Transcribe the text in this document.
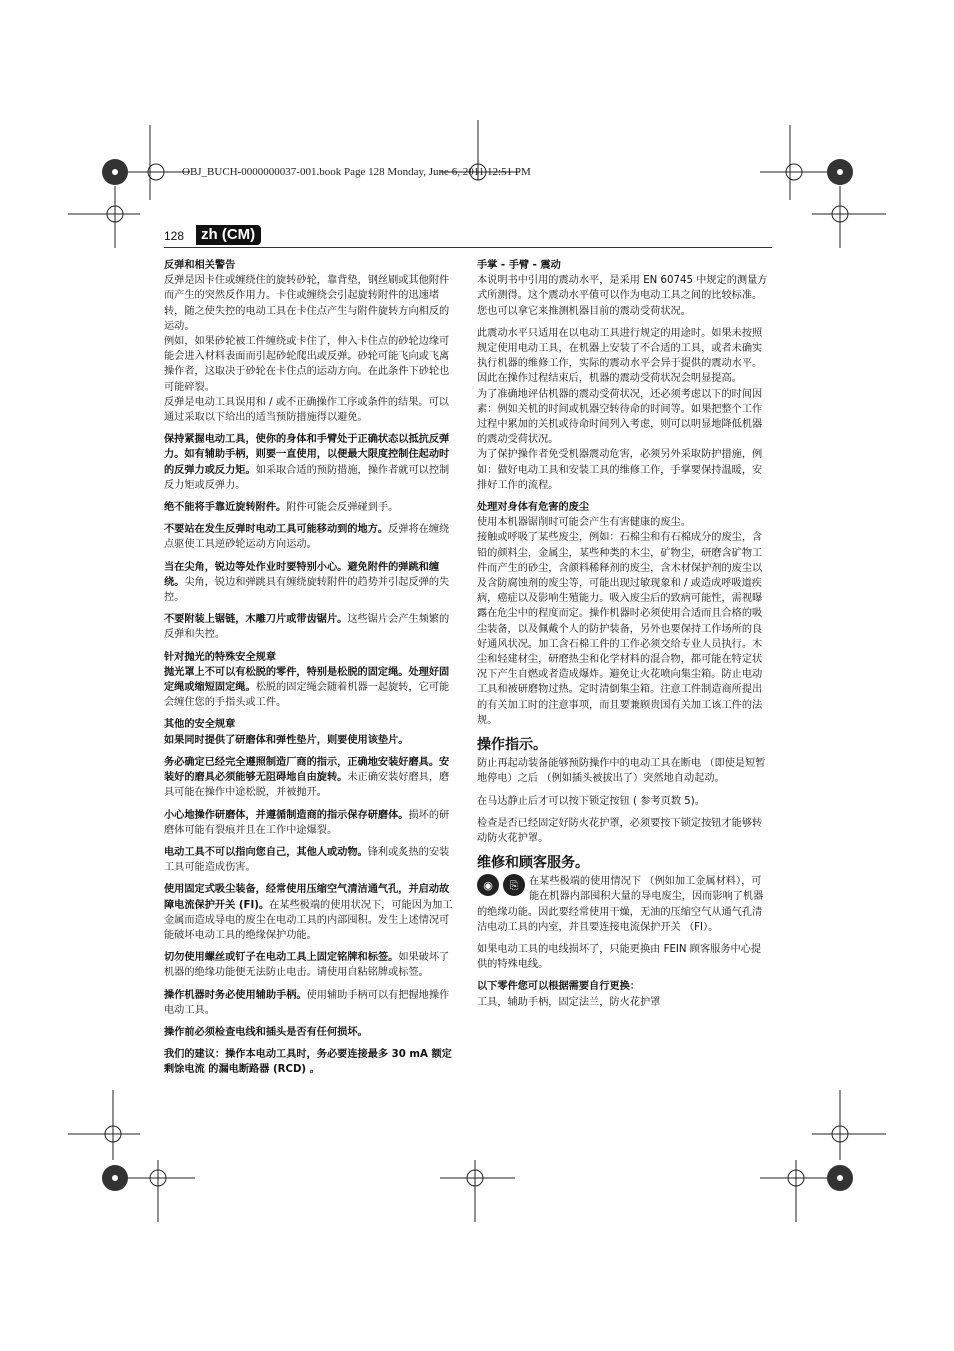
OBJ_BUCH-0000000037-001.book Page 128 Monday, June 6, 2011 12:51 PM
128	zh (CM)
反弹和相关警告

反弹是因卡住或缠绕住的旋转砂轮，靠背垫，钢丝刷或其他附件而产生的突然反作用力。卡住或缠绕会引起旋转附件的迅速堵转，随之使失控的电动工具在卡住点产生与附件旋转方向相反的运动。

例如，如果砂轮被工件缠绕或卡住了，伸入卡住点的砂轮边缘可能会进入材料表面而引起砂轮爬出或反弹。砂轮可能飞向或飞离操作者，这取决于砂轮在卡住点的运动方向。在此条件下砂轮也可能碎裂。

反弹是电动工具误用和 / 或不正确操作工序或条件的结果。可以通过采取以下给出的适当预防措施得以避免。

保持紧握电动工具，使你的身体和手臂处于正确状态以抵抗反弹力。如有辅助手柄，则要一直使用，以便最大限度控制住起动时的反弹力或反力矩。如采取合适的预防措施，操作者就可以控制反力矩或反弹力。

绝不能将手靠近旋转附件。附件可能会反弹碰到手。

不要站在发生反弹时电动工具可能移动到的地方。反弹将在缠绕点驱使工具逆砂轮运动方向运动。

当在尖角，锐边等处作业时要特别小心。避免附件的弹跳和缠绕。尖角，锐边和弹跳具有缠绕旋转附件的趋势并引起反弹的失控。

不要附装上锯链，木雕刀片或带齿锯片。这些锯片会产生频繁的反弹和失控。

针对抛光的特殊安全规章

抛光罩上不可以有松脱的零件，特别是松脱的固定绳。处理好固定绳或缩短固定绳。松脱的固定绳会随着机器一起旋转，它可能会缠住您的手指头或工件。

其他的安全规章

如果同时提供了研磨体和弹性垫片，则要使用该垫片。

务必确定已经完全遵照制造厂商的指示，正确地安装好磨具。安装好的磨具必须能够无阻碍地自由旋转。未正确安装好磨具，磨具可能在操作中途松脱，并被抛开。

小心地操作研磨体，并遵循制造商的指示保存研磨体。损坏的研磨体可能有裂痕并且在工作中途爆裂。

电动工具不可以指向您自己，其他人或动物。锋利或炙热的安装工具可能造成伤害。

使用固定式吸尘装备，经常使用压缩空气清洁通气孔，并启动故障电流保护开关 (FI)。在某些极端的使用状况下，可能因为加工金属而造成导电的废尘在电动工具的内部囤积。发生上述情况可能破坏电动工具的绝缘保护功能。

切勿使用螺丝或钉子在电动工具上固定铭牌和标签。如果破坏了机器的绝缘功能便无法防止电击。请使用自粘铭牌或标签。

操作机器时务必使用辅助手柄。使用辅助手柄可以有把握地操作电动工具。

操作前必须检查电线和插头是否有任何损坏。

我们的建议：操作本电动工具时，务必要连接最多 30 mA 额定剩馀电流 的漏电断路器 (RCD) 。

手掌 - 手臂 - 震动

本说明书中引用的震动水平，是采用 EN 60745 中规定的测量方式所测得。这个震动水平值可以作为电动工具之间的比较标准。您也可以拿它来推测机器目前的震动受荷状况。

此震动水平只适用在以电动工具进行规定的用途时。如果未按照规定使用电动工具，在机器上安装了不合适的工具，或者未确实执行机器的维修工作，实际的震动水平会异于提供的震动水平。因此在操作过程结束后，机器的震动受荷状况会明显提高。

为了准确地评估机器的震动受荷状况，还必须考虑以下的时间因素：例如关机的时间或机器空转待命的时间等。如果把整个工作过程中累加的关机或待命时间列入考虑，则可以明显地降低机器的震动受荷状况。

为了保护操作者免受机器震动危害，必须另外采取防护措施，例如：做好电动工具和安装工具的维修工作，手掌要保持温暖，安排好工作的流程。

处理对身体有危害的废尘

使用本机器锯削时可能会产生有害健康的废尘。

接触或呼吸了某些废尘，例如：石棉尘和有石棉成分的废尘，含铅的颜料尘，金属尘，某些种类的木尘，矿物尘，研磨含矿物工件而产生的砂尘，含颜料稀释剂的废尘，含木材保护剂的废尘以及含防腐蚀剂的废尘等，可能出现过敏现象和 / 或造成呼吸道疾病，癌症以及影响生殖能力。吸入废尘后的致病可能性，需视曝露在危尘中的程度而定。操作机器时必须使用合适而且合格的吸尘装备，以及佩戴个人的防护装备，另外也要保持工作场所的良好通风状况。加工含石棉工件的工作必须交给专业人员执行。木尘和轻建材尘，研磨热尘和化学材料的混合物，都可能在特定状况下产生自燃或者造成爆炸。避免让火花喷向集尘箱。防止电动工具和被研磨物过热。定时清倒集尘箱。注意工件制造商所提出的有关加工时的注意事项，而且要兼顾贵国有关加工该工件的法规。

操作指示。

防止再起动装备能够预防操作中的电动工具在断电 （即使是短暂地停电）之后 （例如插头被拔出了）突然地自动起动。

在马达静止后才可以按下锁定按钮 ( 参考页数 5)。

检查是否已经固定好防火花护罩，必须要按下锁定按钮才能够转动防火花护罩。

维修和顾客服务。

◉	⎘	在某些极端的使用情况下 （例如加工金属材料），可能在机器内部囤积大量的导电废尘，因而影响了机器的绝缘功能。因此要经常使用干燥，无油的压缩空气从通气孔清洁电动工具的内室，并且要连接电流保护开关 （FI）。

如果电动工具的电线损坏了，只能更换由 FEIN 顾客服务中心提供的特殊电线。

以下零件您可以根据需要自行更换：

工具，辅助手柄，固定法兰，防火花护罩
